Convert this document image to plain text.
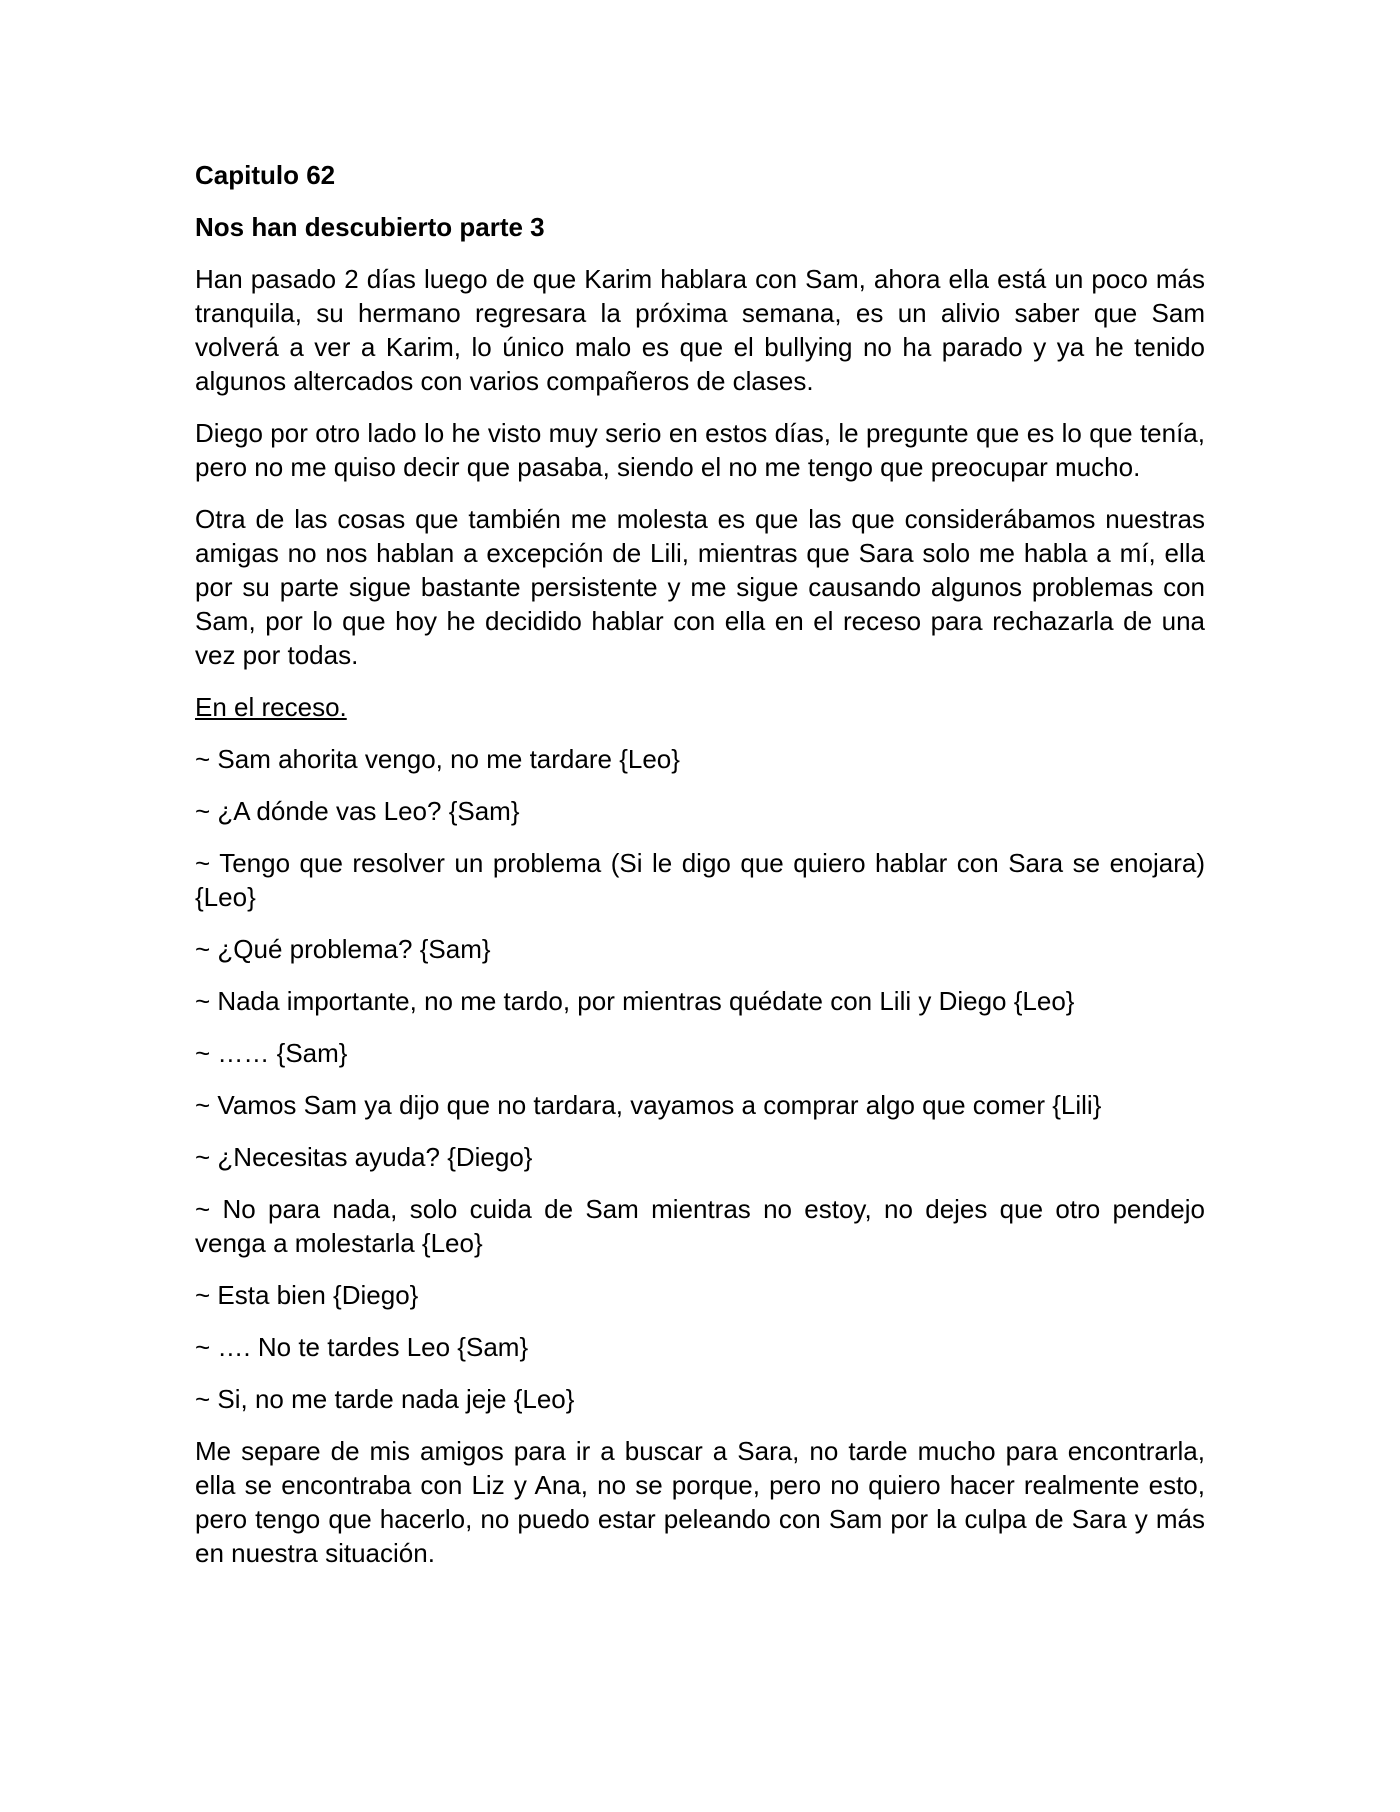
Capitulo 62

Nos han descubierto parte 3

Han pasado 2 días luego de que Karim hablara con Sam, ahora ella está un poco más tranquila, su hermano regresara la próxima semana, es un alivio saber que Sam volverá a ver a Karim, lo único malo es que el bullying no ha parado y ya he tenido algunos altercados con varios compañeros de clases.

Diego por otro lado lo he visto muy serio en estos días, le pregunte que es lo que tenía, pero no me quiso decir que pasaba, siendo el no me tengo que preocupar mucho.

Otra de las cosas que también me molesta es que las que considerábamos nuestras amigas no nos hablan a excepción de Lili, mientras que Sara solo me habla a mí, ella por su parte sigue bastante persistente y me sigue causando algunos problemas con Sam, por lo que hoy he decidido hablar con ella en el receso para rechazarla de una vez por todas.

En el receso.

~ Sam ahorita vengo, no me tardare {Leo}

~ ¿A dónde vas Leo? {Sam}

~ Tengo que resolver un problema (Si le digo que quiero hablar con Sara se enojara) {Leo}

~ ¿Qué problema? {Sam}

~ Nada importante, no me tardo, por mientras quédate con Lili y Diego {Leo}

~ …… {Sam}

~ Vamos Sam ya dijo que no tardara, vayamos a comprar algo que comer {Lili}

~ ¿Necesitas ayuda? {Diego}

~ No para nada, solo cuida de Sam mientras no estoy, no dejes que otro pendejo venga a molestarla {Leo}

~ Esta bien {Diego}

~ …. No te tardes Leo {Sam}

~ Si, no me tarde nada jeje {Leo}

Me separe de mis amigos para ir a buscar a Sara, no tarde mucho para encontrarla, ella se encontraba con Liz y Ana, no se porque, pero no quiero hacer realmente esto, pero tengo que hacerlo, no puedo estar peleando con Sam por la culpa de Sara y más en nuestra situación.
